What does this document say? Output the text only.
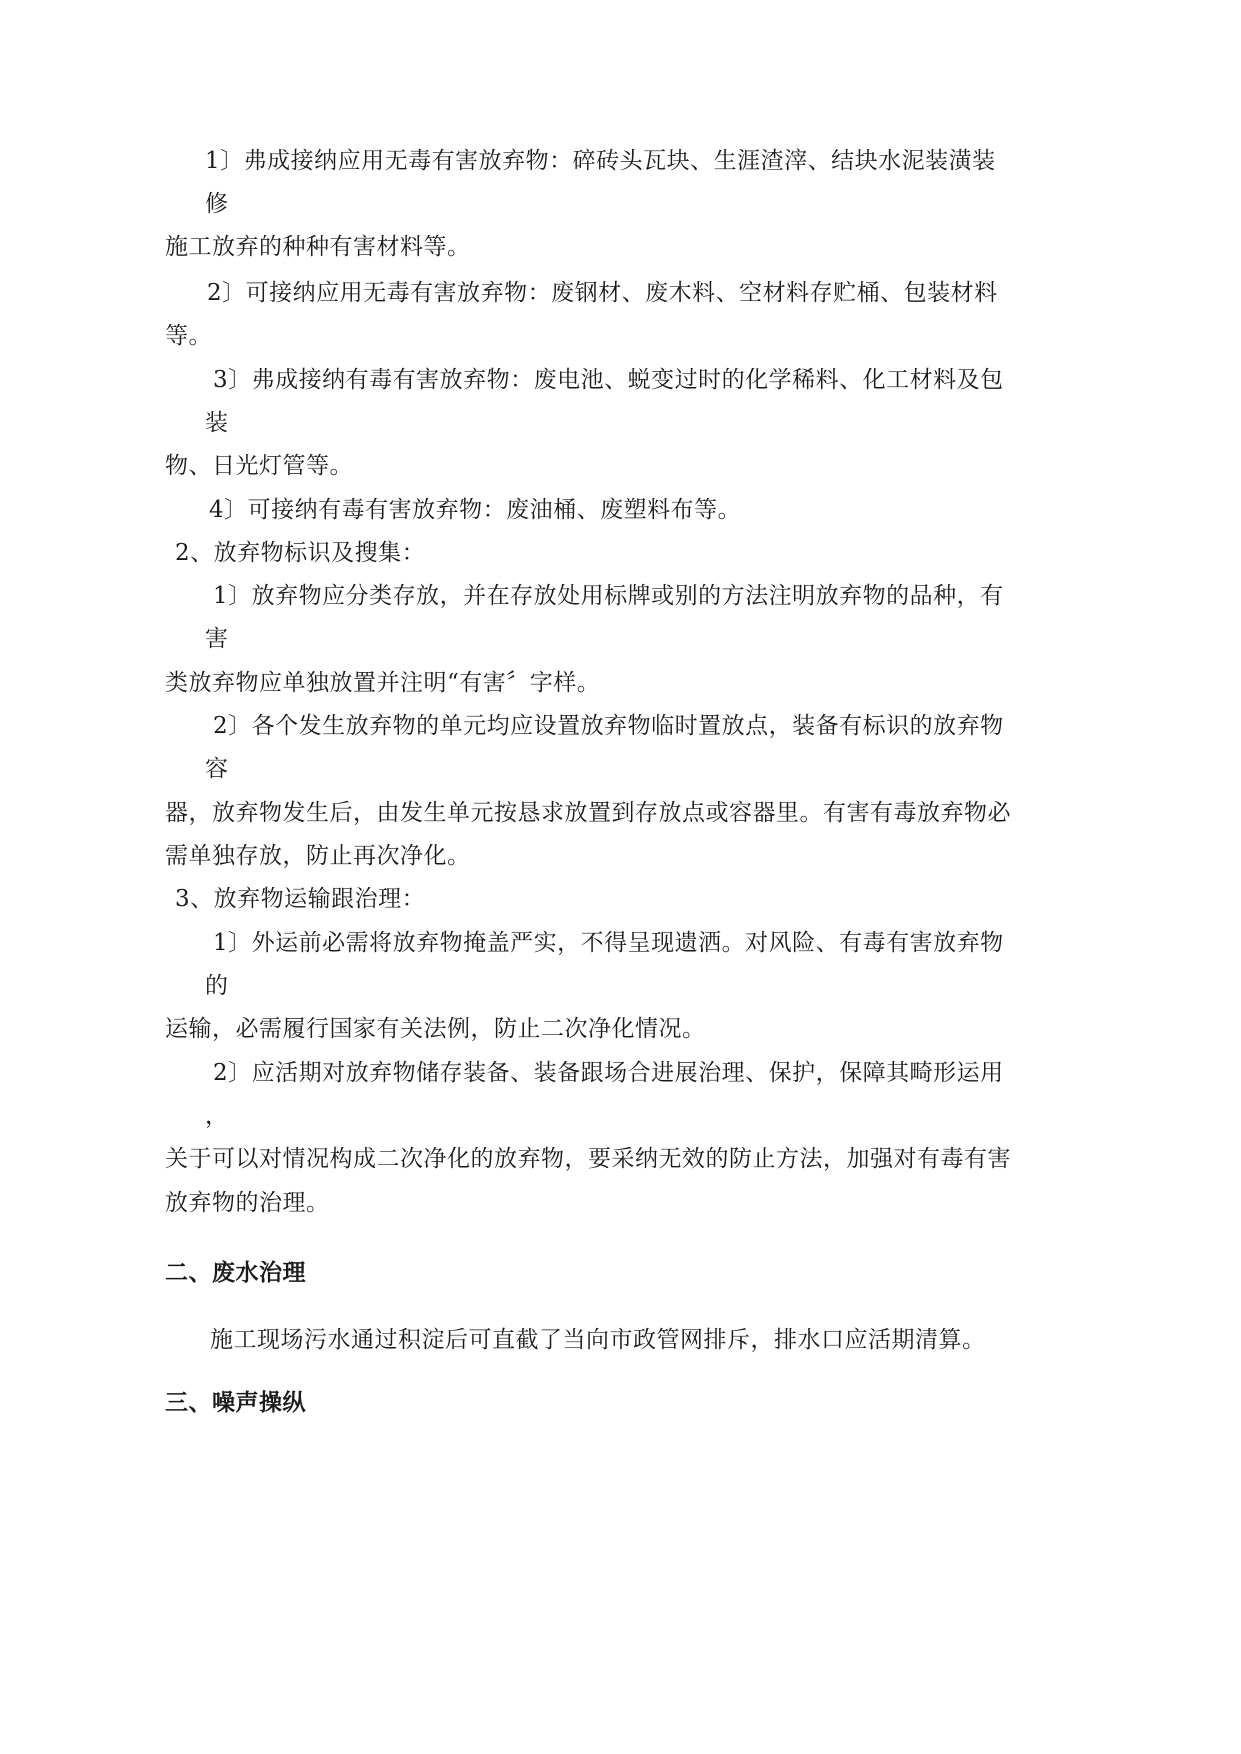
1〕弗成接纳应用无毒有害放弃物：碎砖头瓦块、生涯渣滓、结块水泥装潢装
修
施工放弃的种种有害材料等。
2〕可接纳应用无毒有害放弃物：废钢材、废木料、空材料存贮桶、包装材料
等。
3〕弗成接纳有毒有害放弃物：废电池、蜕变过时的化学稀料、化工材料及包
装
物、日光灯管等。
4〕可接纳有毒有害放弃物：废油桶、废塑料布等。
2、放弃物标识及搜集：
1〕放弃物应分类存放，并在存放处用标牌或别的方法注明放弃物的品种，有
害
类放弃物应单独放置并注明“有害〞字样。
2〕各个发生放弃物的单元均应设置放弃物临时置放点，装备有标识的放弃物
容
器，放弃物发生后，由发生单元按恳求放置到存放点或容器里。有害有毒放弃物必
需单独存放，防止再次净化。
3、放弃物运输跟治理：
1〕外运前必需将放弃物掩盖严实，不得呈现遗洒。对风险、有毒有害放弃物
的
运输，必需履行国家有关法例，防止二次净化情况。
2〕应活期对放弃物储存装备、装备跟场合进展治理、保护，保障其畸形运用
，
关于可以对情况构成二次净化的放弃物，要采纳无效的防止方法，加强对有毒有害
放弃物的治理。
二、废水治理
施工现场污水通过积淀后可直截了当向市政管网排斥，排水口应活期清算。
三、噪声操纵
